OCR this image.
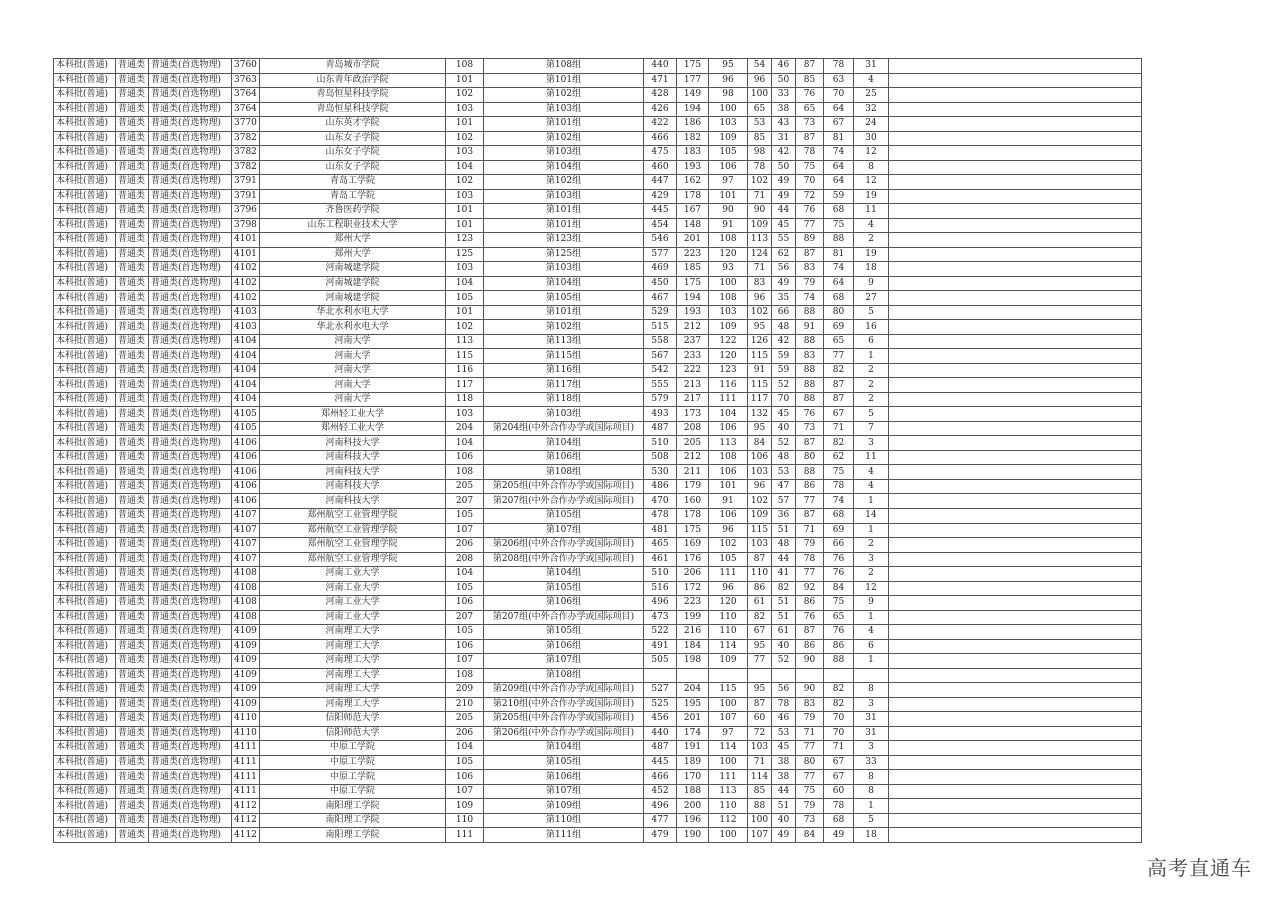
本科批(普通)	普通类	普通类(首选物理)	3760	青岛城市学院	108	第108组	440	175	95	54	46	87	78	31	
本科批(普通)	普通类	普通类(首选物理)	3763	山东青年政治学院	101	第101组	471	177	96	96	50	85	63	4	
本科批(普通)	普通类	普通类(首选物理)	3764	青岛恒星科技学院	102	第102组	428	149	98	100	33	76	70	25	
本科批(普通)	普通类	普通类(首选物理)	3764	青岛恒星科技学院	103	第103组	426	194	100	65	38	65	64	32	
本科批(普通)	普通类	普通类(首选物理)	3770	山东英才学院	101	第101组	422	186	103	53	43	73	67	24	
本科批(普通)	普通类	普通类(首选物理)	3782	山东女子学院	102	第102组	466	182	109	85	31	87	81	30	
本科批(普通)	普通类	普通类(首选物理)	3782	山东女子学院	103	第103组	475	183	105	98	42	78	74	12	
本科批(普通)	普通类	普通类(首选物理)	3782	山东女子学院	104	第104组	460	193	106	78	50	75	64	8	
本科批(普通)	普通类	普通类(首选物理)	3791	青岛工学院	102	第102组	447	162	97	102	49	70	64	12	
本科批(普通)	普通类	普通类(首选物理)	3791	青岛工学院	103	第103组	429	178	101	71	49	72	59	19	
本科批(普通)	普通类	普通类(首选物理)	3796	齐鲁医药学院	101	第101组	445	167	90	90	44	76	68	11	
本科批(普通)	普通类	普通类(首选物理)	3798	山东工程职业技术大学	101	第101组	454	148	91	109	45	77	75	4	
本科批(普通)	普通类	普通类(首选物理)	4101	郑州大学	123	第123组	546	201	108	113	55	89	88	2	
本科批(普通)	普通类	普通类(首选物理)	4101	郑州大学	125	第125组	577	223	120	124	62	87	81	19	
本科批(普通)	普通类	普通类(首选物理)	4102	河南城建学院	103	第103组	469	185	93	71	56	83	74	18	
本科批(普通)	普通类	普通类(首选物理)	4102	河南城建学院	104	第104组	450	175	100	83	49	79	64	9	
本科批(普通)	普通类	普通类(首选物理)	4102	河南城建学院	105	第105组	467	194	108	96	35	74	68	27	
本科批(普通)	普通类	普通类(首选物理)	4103	华北水利水电大学	101	第101组	529	193	103	102	66	88	80	5	
本科批(普通)	普通类	普通类(首选物理)	4103	华北水利水电大学	102	第102组	515	212	109	95	48	91	69	16	
本科批(普通)	普通类	普通类(首选物理)	4104	河南大学	113	第113组	558	237	122	126	42	88	65	6	
本科批(普通)	普通类	普通类(首选物理)	4104	河南大学	115	第115组	567	233	120	115	59	83	77	1	
本科批(普通)	普通类	普通类(首选物理)	4104	河南大学	116	第116组	542	222	123	91	59	88	82	2	
本科批(普通)	普通类	普通类(首选物理)	4104	河南大学	117	第117组	555	213	116	115	52	88	87	2	
本科批(普通)	普通类	普通类(首选物理)	4104	河南大学	118	第118组	579	217	111	117	70	88	87	2	
本科批(普通)	普通类	普通类(首选物理)	4105	郑州轻工业大学	103	第103组	493	173	104	132	45	76	67	5	
本科批(普通)	普通类	普通类(首选物理)	4105	郑州轻工业大学	204	第204组(中外合作办学或国际项目)	487	208	106	95	40	73	71	7	
本科批(普通)	普通类	普通类(首选物理)	4106	河南科技大学	104	第104组	510	205	113	84	52	87	82	3	
本科批(普通)	普通类	普通类(首选物理)	4106	河南科技大学	106	第106组	508	212	108	106	48	80	62	11	
本科批(普通)	普通类	普通类(首选物理)	4106	河南科技大学	108	第108组	530	211	106	103	53	88	75	4	
本科批(普通)	普通类	普通类(首选物理)	4106	河南科技大学	205	第205组(中外合作办学或国际项目)	486	179	101	96	47	86	78	4	
本科批(普通)	普通类	普通类(首选物理)	4106	河南科技大学	207	第207组(中外合作办学或国际项目)	470	160	91	102	57	77	74	1	
本科批(普通)	普通类	普通类(首选物理)	4107	郑州航空工业管理学院	105	第105组	478	178	106	109	36	87	68	14	
本科批(普通)	普通类	普通类(首选物理)	4107	郑州航空工业管理学院	107	第107组	481	175	96	115	51	71	69	1	
本科批(普通)	普通类	普通类(首选物理)	4107	郑州航空工业管理学院	206	第206组(中外合作办学或国际项目)	465	169	102	103	48	79	66	2	
本科批(普通)	普通类	普通类(首选物理)	4107	郑州航空工业管理学院	208	第208组(中外合作办学或国际项目)	461	176	105	87	44	78	76	3	
本科批(普通)	普通类	普通类(首选物理)	4108	河南工业大学	104	第104组	510	206	111	110	41	77	76	2	
本科批(普通)	普通类	普通类(首选物理)	4108	河南工业大学	105	第105组	516	172	96	86	82	92	84	12	
本科批(普通)	普通类	普通类(首选物理)	4108	河南工业大学	106	第106组	496	223	120	61	51	86	75	9	
本科批(普通)	普通类	普通类(首选物理)	4108	河南工业大学	207	第207组(中外合作办学或国际项目)	473	199	110	82	51	76	65	1	
本科批(普通)	普通类	普通类(首选物理)	4109	河南理工大学	105	第105组	522	216	110	67	61	87	76	4	
本科批(普通)	普通类	普通类(首选物理)	4109	河南理工大学	106	第106组	491	184	114	95	40	86	86	6	
本科批(普通)	普通类	普通类(首选物理)	4109	河南理工大学	107	第107组	505	198	109	77	52	90	88	1	
本科批(普通)	普通类	普通类(首选物理)	4109	河南理工大学	108	第108组									
本科批(普通)	普通类	普通类(首选物理)	4109	河南理工大学	209	第209组(中外合作办学或国际项目)	527	204	115	95	56	90	82	8	
本科批(普通)	普通类	普通类(首选物理)	4109	河南理工大学	210	第210组(中外合作办学或国际项目)	525	195	100	87	78	83	82	3	
本科批(普通)	普通类	普通类(首选物理)	4110	信阳师范大学	205	第205组(中外合作办学或国际项目)	456	201	107	60	46	79	70	31	
本科批(普通)	普通类	普通类(首选物理)	4110	信阳师范大学	206	第206组(中外合作办学或国际项目)	440	174	97	72	53	71	70	31	
本科批(普通)	普通类	普通类(首选物理)	4111	中原工学院	104	第104组	487	191	114	103	45	77	71	3	
本科批(普通)	普通类	普通类(首选物理)	4111	中原工学院	105	第105组	445	189	100	71	38	80	67	33	
本科批(普通)	普通类	普通类(首选物理)	4111	中原工学院	106	第106组	466	170	111	114	38	77	67	8	
本科批(普通)	普通类	普通类(首选物理)	4111	中原工学院	107	第107组	452	188	113	85	44	75	60	8	
本科批(普通)	普通类	普通类(首选物理)	4112	南阳理工学院	109	第109组	496	200	110	88	51	79	78	1	
本科批(普通)	普通类	普通类(首选物理)	4112	南阳理工学院	110	第110组	477	196	112	100	40	73	68	5	
本科批(普通)	普通类	普通类(首选物理)	4112	南阳理工学院	111	第111组	479	190	100	107	49	84	49	18	
高考直通车
